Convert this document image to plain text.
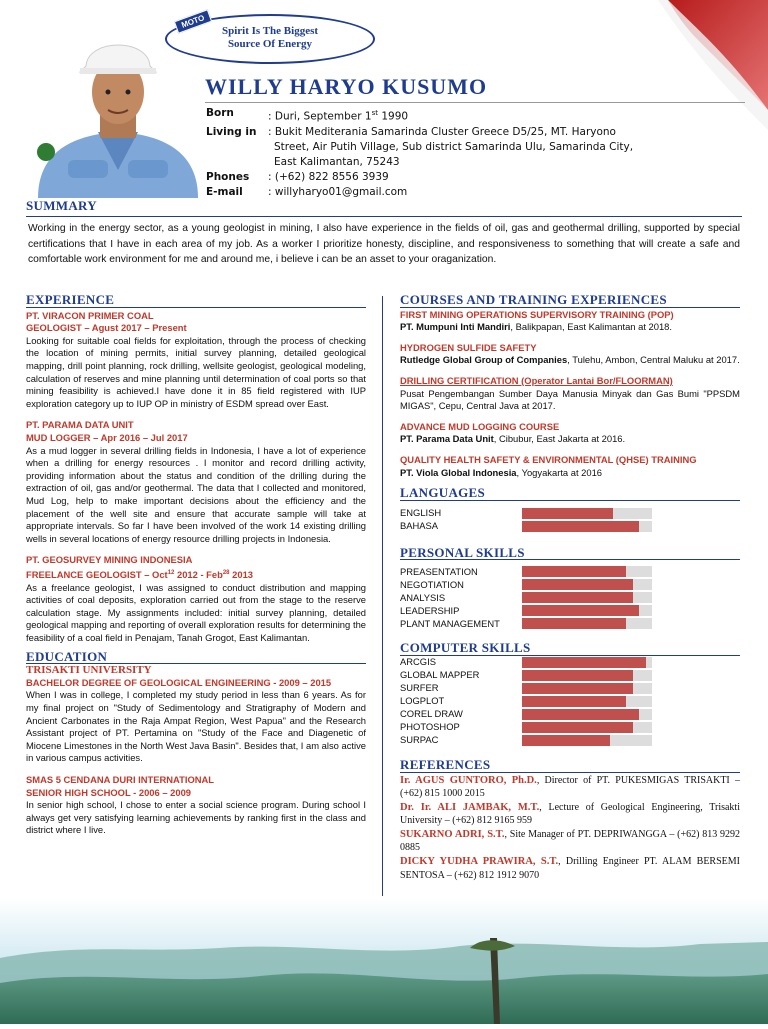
Spirit Is The Biggest
Source Of Energy
MOTO
WILLY HARYO KUSUMO
Born	: Duri, September 1st 1990
Living in	: Bukit Mediterania Samarinda Cluster Greece D5/25, MT. Haryono
Street, Air Putih Village, Sub district Samarinda Ulu, Samarinda City,
East Kalimantan, 75243
Phones	: (+62) 822 8556 3939
E-mail	: willyharyo01@gmail.com
SUMMARY
Working in the energy sector, as a young geologist in mining, I also have experience in the fields of oil, gas and geothermal drilling, supported by special certifications that I have in each area of my job. As a worker I prioritize honesty, discipline, and responsiveness to something that will create a safe and comfortable work environment for me and around me, i believe i can be an asset to your oraganization.
EXPERIENCE
PT. VIRACON PRIMER COAL
GEOLOGIST – Agust 2017 – Present

Looking for suitable coal fields for exploitation, through the process of checking the location of mining permits, initial survey planning, detailed geological mapping, drill point planning, rock drilling, wellsite geologist, geological modeling, calculation of reserves and mine planning until determination of coal ports so that mining feasibility is achieved.I have done it in 85 field registered with IUP exploration category up to IUP OP in ministry of ESDM spread over East.

PT. PARAMA DATA UNIT
MUD LOGGER – Apr 2016 – Jul 2017

As a mud logger in several drilling fields in Indonesia, I have a lot of experience when a drilling for energy resources . I monitor and record drilling activity, providing information about the status and condition of the drilling during the extraction of oil, gas and/or geothermal. The data that I collected and monitored, Mud Log, help to make important decisions about the efficiency and the placement of the well site and ensure that accurate sample will take at appropriate intervals. So far I have been involved of the work 14 existing drilling wells in several locations of energy resource drilling projects in Indonesia.

PT. GEOSURVEY MINING INDONESIA
FREELANCE GEOLOGIST – Oct$^{12}$ 2012 - Feb$^{28}$ 2013

As a freelance geologist, I was assigned to conduct distribution and mapping activities of coal deposits, exploration carried out from the stage to the reserve calculation stage. My assignments included: initial survey planning, detailed geological mapping and reporting of overall exploration results for determining the feasibility of a coal field in Penajam, Tanah Grogot, East Kalimantan.

EDUCATION
TRISAKTI UNIVERSITY
BACHELOR DEGREE OF GEOLOGICAL ENGINEERING - 2009 – 2015

When I was in college, I completed my study period in less than 6 years. As for my final project on "Study of Sedimentology and Stratigraphy of Modern and Ancient Carbonates in the Raja Ampat Region, West Papua" and the Research Assistant project of PT. Pertamina on "Study of the Face and Diagenetic of Miocene Limestones in the North West Java Basin". Besides that, I am also active in various campus activities.

SMAS 5 CENDANA DURI INTERNATIONAL
SENIOR HIGH SCHOOL - 2006 – 2009

In senior high school, I chose to enter a social science program. During school I always get very satisfying learning achievements by ranking first in the class and district where I live.

COURSES AND TRAINING EXPERIENCES
FIRST MINING OPERATIONS SUPERVISORY TRAINING (POP)

PT. Mumpuni Inti Mandiri, Balikpapan, East Kalimantan at 2018.

HYDROGEN SULFIDE SAFETY

Rutledge Global Group of Companies, Tulehu, Ambon, Central Maluku at 2017.

DRILLING CERTIFICATION (Operator Lantai Bor/FLOORMAN)

Pusat Pengembangan Sumber Daya Manusia Minyak dan Gas Bumi "PPSDM MIGAS", Cepu, Central Java at 2017.

ADVANCE MUD LOGGING COURSE

PT. Parama Data Unit, Cibubur, East Jakarta at 2016.

QUALITY HEALTH SAFETY & ENVIRONMENTAL (QHSE) TRAINING

PT. Viola Global Indonesia, Yogyakarta at 2016

LANGUAGES
ENGLISH
BAHASA
PERSONAL SKILLS
PREASENTATION
NEGOTIATION
ANALYSIS
LEADERSHIP
PLANT MANAGEMENT
COMPUTER SKILLS
ARCGIS
GLOBAL MAPPER
SURFER
LOGPLOT
COREL DRAW
PHOTOSHOP
SURPAC
REFERENCES

Ir. AGUS GUNTORO, Ph.D., Director of PT. PUKESMIGAS TRISAKTI – (+62) 815 1000 2015

Dr. Ir. ALI JAMBAK, M.T., Lecture of Geological Engineering, Trisakti University – (+62) 812 9165 959

SUKARNO ADRI, S.T., Site Manager of PT. DEPRIWANGGA – (+62) 813 9292 0885

DICKY YUDHA PRAWIRA, S.T., Drilling Engineer PT. ALAM BERSEMI SENTOSA – (+62) 812 1912 9070
